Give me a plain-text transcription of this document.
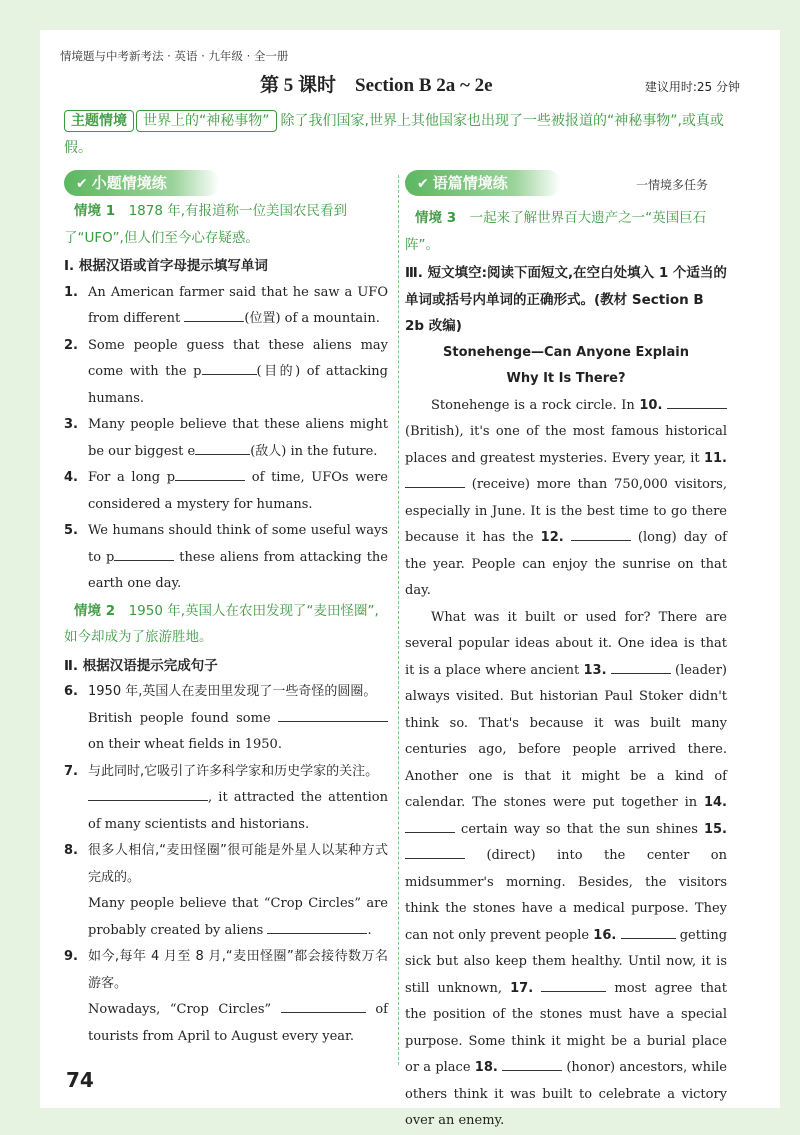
情境题与中考新考法 · 英语 · 九年级 · 全一册
第 5 课时　Section B 2a ~ 2e	建议用时:25 分钟
主题情境 世界上的“神秘事物” 除了我们国家,世界上其他国家也出现了一些被报道的“神秘事物”,或真或假。
✔ 小题情境练	✔ 语篇情境练	一情境多任务
情境 1　 1878 年,有报道称一位美国农民看到了“UFO”,但人们至今心存疑惑。
Ⅰ. 根据汉语或首字母提示填写单词
1. An American farmer said that he saw a UFO from different	(位置) of a mountain.
2. Some people guess that these aliens may come with the p	(目的) of attacking humans.
3. Many people believe that these aliens might be our biggest e	(敌人) in the future.
4. For a long p	of time, UFOs were considered a mystery for humans.
5. We humans should think of some useful ways to p	these aliens from attacking the earth one day.
情境 2　 1950 年,英国人在农田发现了“麦田怪圈”,如今却成为了旅游胜地。
Ⅱ. 根据汉语提示完成句子
6. 1950 年,英国人在麦田里发现了一些奇怪的圆圈。
British people found some  on their wheat fields in 1950.
7. 与此同时,它吸引了许多科学家和历史学家的关注。
, it attracted the attention of many scientists and historians.
8. 很多人相信,“麦田怪圈”很可能是外星人以某种方式完成的。
Many people believe that “Crop Circles” are probably created by aliens	.
9. 如今,每年 4 月至 8 月,“麦田怪圈”都会接待数万名游客。
Nowadays, “Crop Circles”	of tourists from April to August every year.
情境 3　 一起来了解世界百大遗产之一“英国巨石阵”。
Ⅲ. 短文填空:阅读下面短文,在空白处填入 1 个适当的单词或括号内单词的正确形式。(教材 Section B 2b 改编)
Stonehenge—Can Anyone Explain
Why It Is There?
Stonehenge is a rock circle. In 10.  (British), it's one of the most famous historical places and greatest mysteries. Every year, it 11.  (receive) more than 750,000 visitors, especially in June. It is the best time to go there because it has the 12.	(long) day of the year. People can enjoy the sunrise on that day.
What was it built or used for? There are several popular ideas about it. One idea is that it is a place where ancient 13.	(leader) always visited. But historian Paul Stoker didn't think so. That's because it was built many centuries ago, before people arrived there. Another one is that it might be a kind of calendar. The stones were put together in 14.  certain way so that the sun shines 15.  (direct) into the center on midsummer's morning. Besides, the visitors think the stones have a medical purpose. They can not only prevent people 16.	getting sick but also keep them healthy. Until now, it is still unknown, 17.	most agree that the position of the stones must have a special purpose. Some think it might be a burial place or a place 18.	(honor) ancestors, while others think it was built to celebrate a victory over an enemy.
74
